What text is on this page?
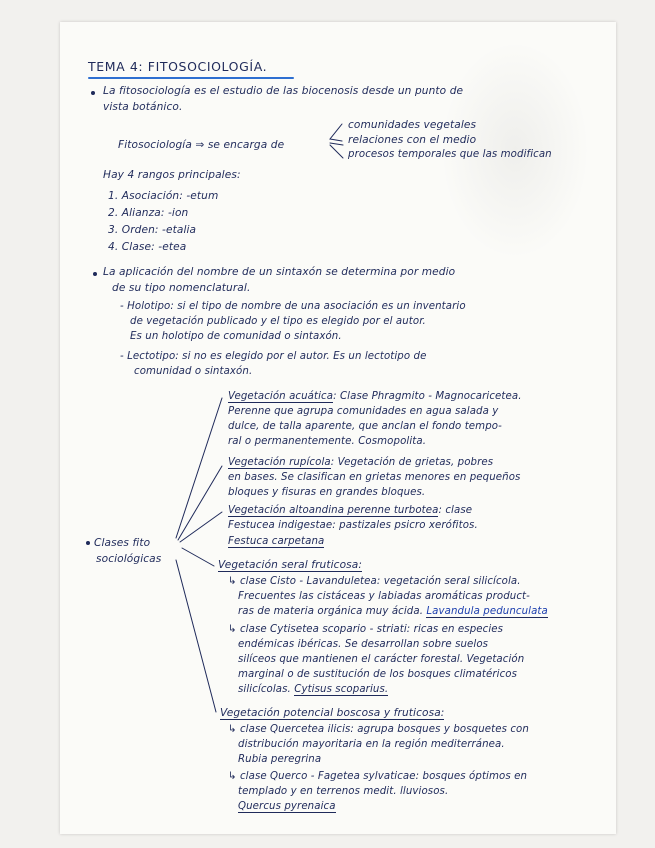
TEMA 4: FITOSOCIOLOGÍA.
La fitosociología es el estudio de las biocenosis desde un punto de
vista botánico.
Fitosociología ⇒ se encarga de
comunidades vegetales
relaciones con el medio
procesos temporales que las modifican
Hay 4 rangos principales:
1. Asociación: -etum
2. Alianza: -ion
3. Orden: -etalia
4. Clase: -etea
La aplicación del nombre de un sintaxón se determina por medio
de su tipo nomenclatural.
- Holotipo: si el tipo de nombre de una asociación es un inventario
de vegetación publicado y el tipo es elegido por el autor.
Es un holotipo de comunidad o sintaxón.
- Lectotipo: si no es elegido por el autor. Es un lectotipo de
comunidad o sintaxón.
Clases fito
sociológicas
Vegetación acuática: Clase Phragmito - Magnocaricetea.
Perenne que agrupa comunidades en agua salada y
dulce, de talla aparente, que anclan el fondo tempo-
ral o permanentemente. Cosmopolita.
Vegetación rupícola: Vegetación de grietas, pobres
en bases. Se clasifican en grietas menores en pequeños
bloques y fisuras en grandes bloques.
Vegetación altoandina perenne turbotea: clase
Festucea indigestae: pastizales psicro xerófitos.
Festuca carpetana
Vegetación seral fruticosa:
↳ clase Cisto - Lavanduletea: vegetación seral silicícola.
Frecuentes las cistáceas y labiadas aromáticas product-
ras de materia orgánica muy ácida. Lavandula pedunculata
↳ clase Cytisetea scopario - striati: ricas en especies
endémicas ibéricas. Se desarrollan sobre suelos
silíceos que mantienen el carácter forestal. Vegetación
marginal o de sustitución de los bosques climatéricos
silicícolas. Cytisus scoparius.
Vegetación potencial boscosa y fruticosa:
↳ clase Quercetea ilicis: agrupa bosques y bosquetes con
distribución mayoritaria en la región mediterránea.
Rubia peregrina
↳ clase Querco - Fagetea sylvaticae: bosques óptimos en
templado y en terrenos medit. lluviosos.
Quercus pyrenaica
